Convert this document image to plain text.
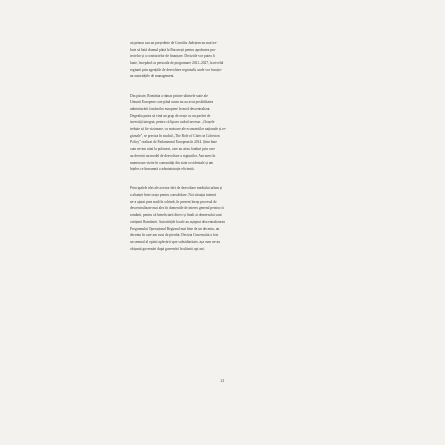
un primar sau un președinte de Consiliu Județean nu mai tre-
buie să bată drumul până la București pentru aprobarea pro-
iectelor și a contractelor de finanțare. Deciziile vor putea fi
luate, începând cu perioada de programare 2021–2027, la nivelul
regiunii prin agențiile de dezvoltare regională, unde vor funcțio-
na autoritățile de management.

Din păcate, România a rămas printre ultimele state ale
Uniunii Europene care până acum nu au avut posibilitatea
administrării fondurilor europene în mod descentralizat.
Degeaba putea să vină un grup de orașe cu un pachet de
investiții integrat, pentru că lipsea cadrul necesar. „Orașele
trebuie să fie vizionare, cu motoare ale economiilor naționale și re-
gionale”, se preciza în studiul „The Role of Cities in Cohesion
Policy” realizat de Parlamentul European în 2014. Știm bine
cum ne-am uitat la polonezi, care au atras fonduri prin care
au devenit un model de dezvoltare a regiunilor. Am mers în
numeroase vizite în comunități din state occidentale și am
înțeles ce înseamnă o administrație eficientă.

Principalele idei ale acestor idei de dezvoltare mediului urban și
a alianței între orașe pentru consolidare. Noi situația internă
ne-a ajutat prea mult în schimb, în prezent încep procesul de
descentralizare mai ales în domeniile de interes general pentru că
românii, pentru că beneficiarii direct și finali ai demersului sunt
cetățenii României. Autoritățile locale au așteptat descentralizarea
Programului Operațional Regional mai bine de un deceniu, un
deceniu în care am avut de pierdut. Decizia Guvernului a fost
un semnal al opinii aplecării spre subsidiaritate, așa cum ne-au
obișnuit guvernări după guvernări în ultimii opt ani.

21
